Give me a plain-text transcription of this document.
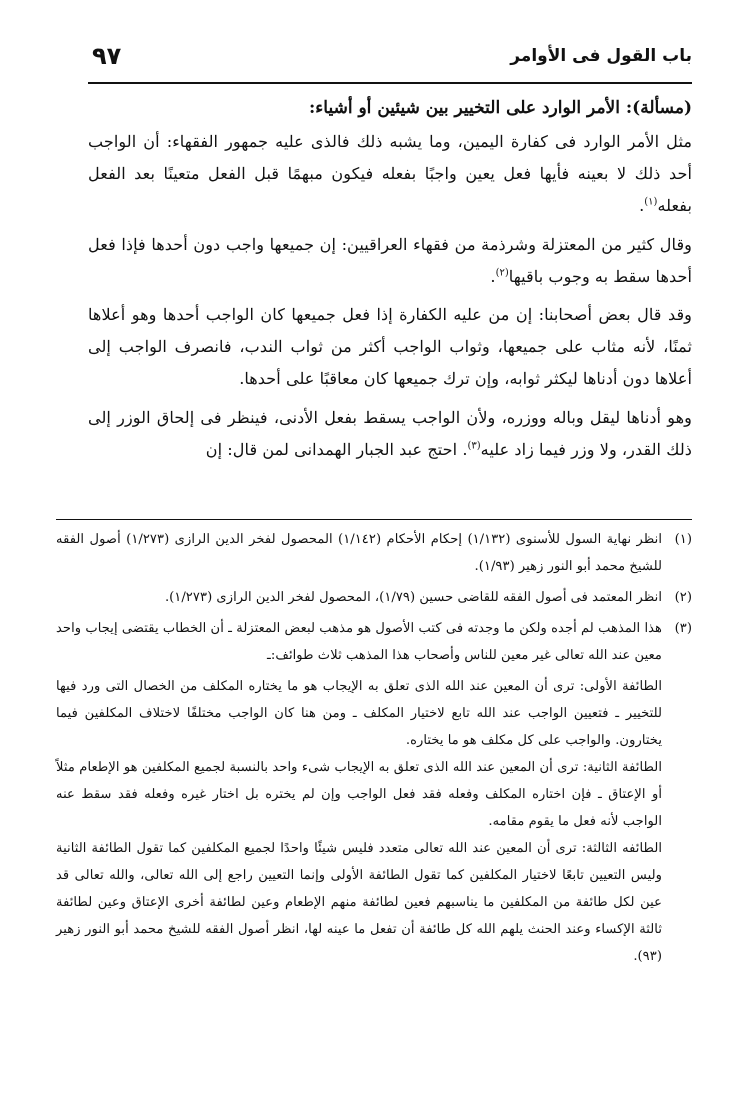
باب القول فى الأوامر
٩٧

(مسألة): الأمر الوارد على التخيير بين شيئين أو أشياء:

مثل الأمر الوارد فى كفارة اليمين، وما يشبه ذلك فالذى عليه جمهور الفقهاء: أن الواجب أحد ذلك لا بعينه فأيها فعل يعين واجبًا بفعله فيكون مبهمًا قبل الفعل متعينًا بعد الفعل بفعله$^{(١)}$.

وقال كثير من المعتزلة وشرذمة من فقهاء العراقيين: إن جميعها واجب دون أحدها فإذا فعل أحدها سقط به وجوب باقيها$^{(٢)}$.

وقد قال بعض أصحابنا: إن من عليه الكفارة إذا فعل جميعها كان الواجب أحدها وهو أعلاها ثمنًا، لأنه مثاب على جميعها، وثواب الواجب أكثر من ثواب الندب، فانصرف الواجب إلى أعلاها دون أدناها ليكثر ثوابه، وإن ترك جميعها كان معاقبًا على أحدها.

وهو أدناها ليقل وباله ووزره، ولأن الواجب يسقط بفعل الأدنى، فينظر فى إلحاق الوزر إلى ذلك القدر، ولا وزر فيما زاد عليه$^{(٣)}$. احتج عبد الجبار الهمدانى لمن قال: إن

(١)
انظر نهاية السول للأسنوى (١/١٣٢) إحكام الأحكام (١/١٤٢) المحصول لفخر الدين الرازى (١/٢٧٣) أصول الفقه للشيخ محمد أبو النور زهير (١/٩٣).
(٢)
انظر المعتمد فى أصول الفقه للقاضى حسين (١/٧٩)، المحصول لفخر الدين الرازى (١/٢٧٣).
(٣)
هذا المذهب لم أجده ولكن ما وجدته فى كتب الأصول هو مذهب لبعض المعتزلة ـ أن الخطاب يقتضى إيجاب واحد معين عند الله تعالى غير معين للناس وأصحاب هذا المذهب ثلاث طوائف:ـ

الطائفة الأولى: ترى أن المعين عند الله الذى تعلق به الإيجاب هو ما يختاره المكلف من الخصال التى ورد فيها للتخيير ـ فتعيين الواجب عند الله تابع لاختيار المكلف ـ ومن هنا كان الواجب مختلفًا لاختلاف المكلفين فيما يختارون. والواجب على كل مكلف هو ما يختاره.

الطائفة الثانية: ترى أن المعين عند الله الذى تعلق به الإيجاب شىء واحد بالنسبة لجميع المكلفين هو الإطعام مثلاً أو الإعتاق ـ فإن اختاره المكلف وفعله فقد فعل الواجب وإن لم يختره بل اختار غيره وفعله فقد سقط عنه الواجب لأنه فعل ما يقوم مقامه.

الطائفه الثالثة: ترى أن المعين عند الله تعالى متعدد فليس شيئًا واحدًا لجميع المكلفين كما تقول الطائفة الثانية وليس التعيين تابعًا لاختيار المكلفين كما تقول الطائفة الأولى وإنما التعيين راجع إلى الله تعالى، والله تعالى قد عين لكل طائفة من المكلفين ما يناسبهم فعين لطائفة منهم الإطعام وعين لطائفة أخرى الإعتاق وعين لطائفة ثالثة الإكساء وعند الحنث يلهم الله كل طائفة أن تفعل ما عينه لها، انظر أصول الفقه للشيخ محمد أبو النور زهير (٩٣).
